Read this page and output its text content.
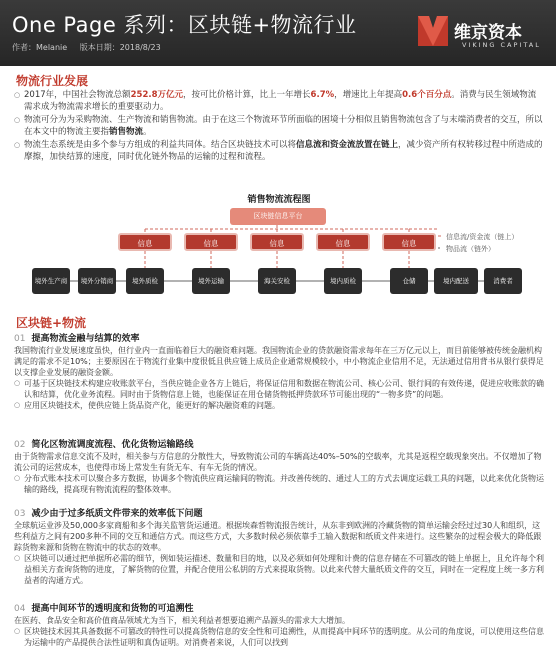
One Page 系列：区块链+物流行业
作者：Melanie 版本日期：2018/8/23
维京资本
VIKING CAPITAL
物流行业发展

○ 2017年，中国社会物流总额252.8万亿元，按可比价格计算，比上一年增长6.7%，增速比上年提高0.6个百分点。消费与民生领域物流需求成为物流需求增长的重要驱动力。

○ 物流可分为为采购物流、生产物流和销售物流。由于在这三个物流环节所面临的困境十分相似且销售物流包含了与末端消费者的交互，所以在本文中的物流主要指销售物流。

○ 物流生态系统是由多个参与方组成的利益共同体。结合区块链技术可以将信息流和资金流放置在链上，减少资产所有权转移过程中所造成的摩擦，加快结算的速度，同时优化链外物品的运输的过程和流程。

销售物流流程图
区块链信息平台
信息	信息	信息	信息	信息
信息流/资金流（链上）
物品流（链外）
境外生产商	境外分销商	境外质检	境外运输	海关安检	境内质检	仓储	境内配送	消费者
区块链+物流
01 提高物流金融与结算的效率

我国物流行业发展速度虽快，但行业内一直面临着巨大的融资难问题。我国物流企业的贷款融资需求每年在三万亿元以上，而目前能够被传统金融机构满足的需求不足10%；主要原因在于物流行业集中度很低且供应链上成员企业通常规模较小，中小物流企业信用不足，无法通过信用背书从银行获得足以支撑企业发展的融资金额。

○ 可基于区块链技术构建应收账款平台，当供应链企业各方上链后，将保证信用和数据在物流公司、核心公司、银行间的有效传递，促进应收账款的确认和结算，优化业务流程。同时由于货物信息上链，也能保证在用仓储货物抵押贷款环节可能出现的“一物多贷”的问题。

○ 应用区块链技术，使供应链上货品资产化，能更好的解决融资难的问题。

02 简化区物流调度流程、优化货物运输路线

由于货物需求信息交流不及时，相关参与方信息的分散性大，导致物流公司的车辆高达40%–50%的空载率，尤其是返程空载现象突出。不仅增加了物流公司的运营成本，也使得市场上常发生有货无车、有车无货的情况。

○ 分布式账本技术可以聚合多方数据，协调多个物流供应商运输间的物流。并改善传统的、通过人工的方式去调度运载工具的问题，以此来优化货物运输的路线，提高现有物流流程的整体效率。

03 减少由于过多纸质文件带来的效率低下问题

全球航运业涉及50,000多家商船和多个海关监管货运通道。根据埃森哲物流报告统计，从东非到欧洲的冷藏货物的简单运输会经过过30人和组织，这些利益方之间有200多种不同的交互和通信方式。而这些方式，大多数时候必须依靠手工输入数据和纸质文件来进行。这些繁杂的过程会极大的降低跟踪货物来源和货物在物流中的状态的效率。

○ 区块链可以通过把单据所必需的细节，例如装运描述、数量和目的地，以及必须如何处理和计费的信息存储在不可篡改的链上单据上，且允许每个利益相关方查询货物的进度，了解货物的位置，并配合使用公私钥的方式来提取货物。以此来代替大量纸质文件的交互，同时在一定程度上统一多方利益者的沟通方式。

04 提高中间环节的透明度和货物的可追溯性

在医药、食品安全和高价值商品领域尤为当下，相关利益者想要追溯产品源头的需求大大增加。

○ 区块链技术因其具备数据不可篡改的特性可以提高货物信息的安全性和可追溯性，从而提高中间环节的透明度。从公司的角度说，可以使用这些信息为运输中的产品提供合法性证明和真伪证明。对消费者来说，人们可以找到
